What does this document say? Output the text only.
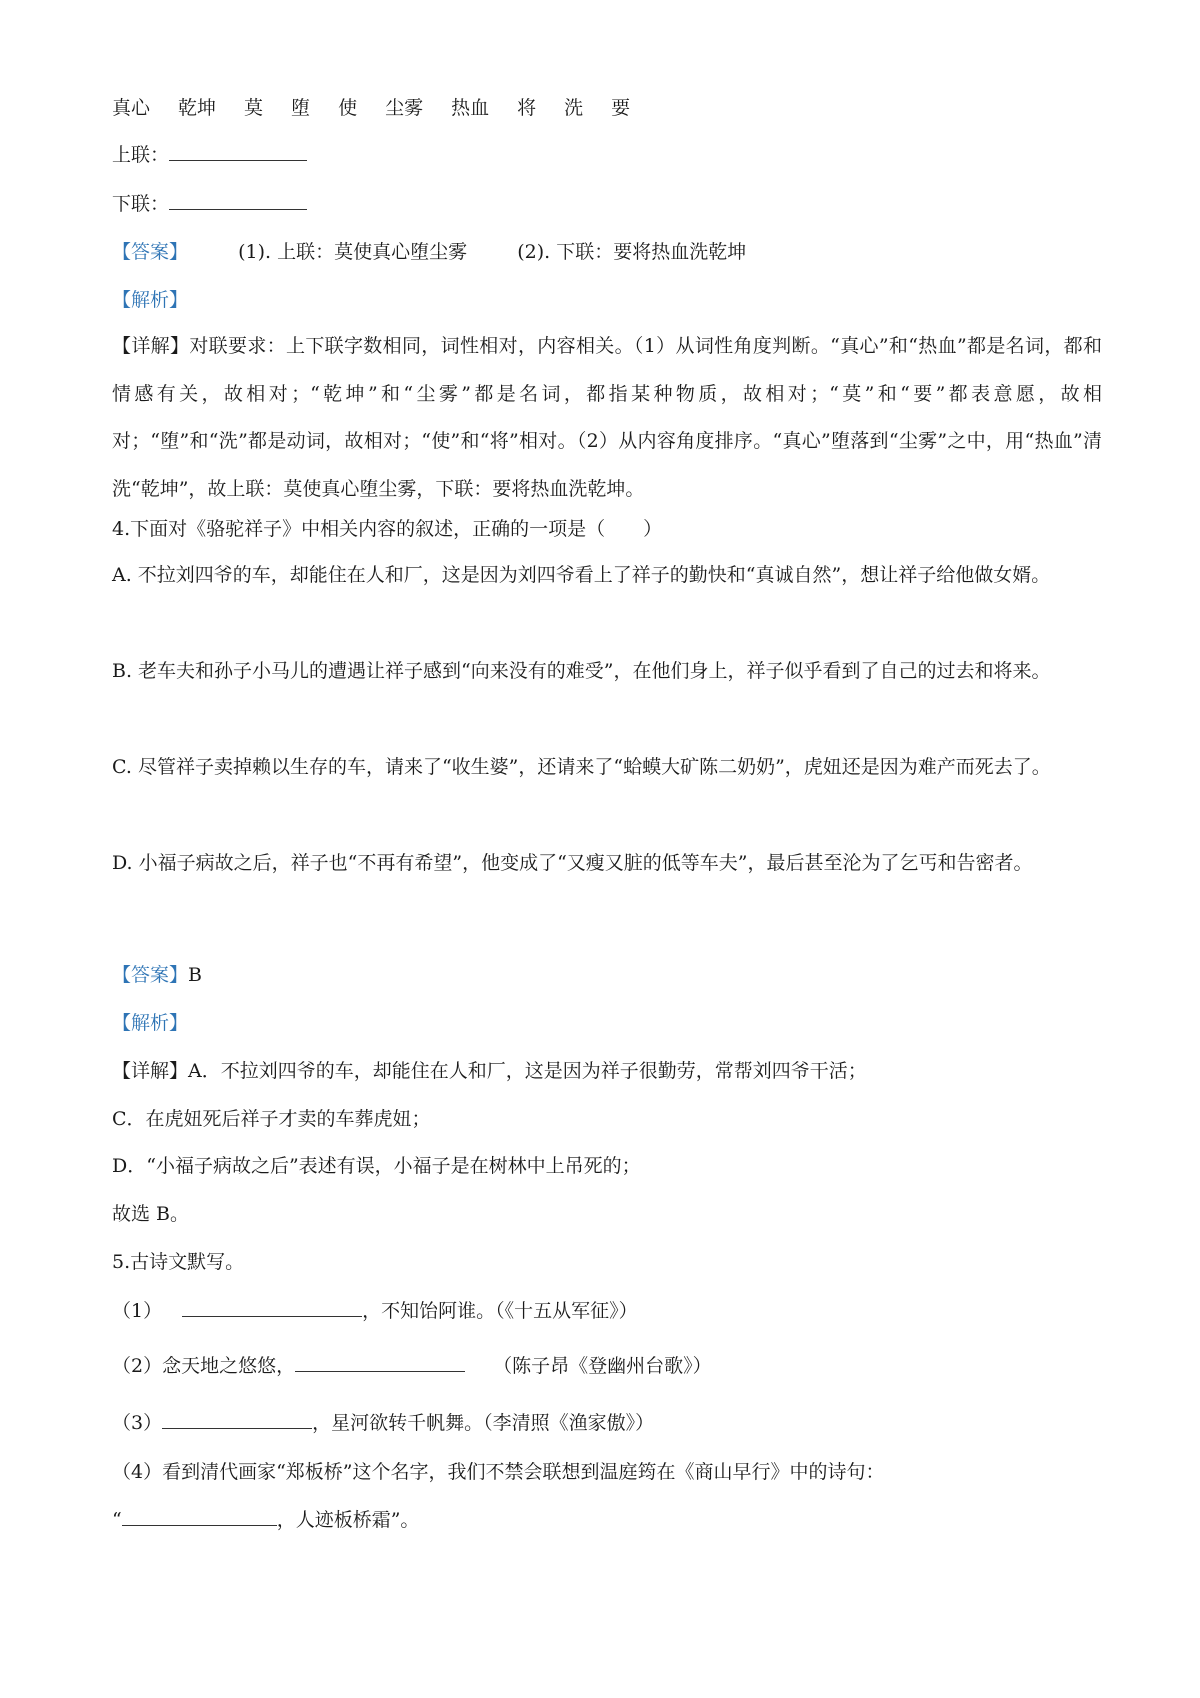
真心 乾坤 莫 堕 使 尘雾 热血 将 洗 要
上联：
下联：
【答案】	(1). 上联：莫使真心堕尘雾	(2). 下联：要将热血洗乾坤
【解析】
【详解】对联要求：上下联字数相同，词性相对，内容相关。（1）从词性角度判断。“真心”和“热血”都是名词，都和情感有关，故相对；“乾坤”和“尘雾”都是名词，都指某种物质，故相对；“莫”和“要”都表意愿，故相对；“堕”和“洗”都是动词，故相对；“使”和“将”相对。（2）从内容角度排序。“真心”堕落到“尘雾”之中，用“热血”清洗“乾坤”，故上联：莫使真心堕尘雾，下联：要将热血洗乾坤。
4.下面对《骆驼祥子》中相关内容的叙述，正确的一项是（　　）
A. 不拉刘四爷的车，却能住在人和厂，这是因为刘四爷看上了祥子的勤快和“真诚自然”，想让祥子给他做女婿。
B. 老车夫和孙子小马儿的遭遇让祥子感到“向来没有的难受”，在他们身上，祥子似乎看到了自己的过去和将来。
C. 尽管祥子卖掉赖以生存的车，请来了“收生婆”，还请来了“蛤蟆大矿陈二奶奶”，虎妞还是因为难产而死去了。
D. 小福子病故之后，祥子也“不再有希望”，他变成了“又瘦又脏的低等车夫”，最后甚至沦为了乞丐和告密者。
【答案】B
【解析】
【详解】A．不拉刘四爷的车，却能住在人和厂，这是因为祥子很勤劳，常帮刘四爷干活；
C．在虎妞死后祥子才卖的车葬虎妞；
D．“小福子病故之后”表述有误，小福子是在树林中上吊死的；
故选 B。
5.古诗文默写。
（1）	，不知饴阿谁。（《十五从军征》）
（2）念天地之悠悠，	（陈子昂《登幽州台歌》）
（3）	，星河欲转千帆舞。（李清照《渔家傲》）
（4）看到清代画家“郑板桥”这个名字，我们不禁会联想到温庭筠在《商山早行》中的诗句：
“	，人迹板桥霜”。
